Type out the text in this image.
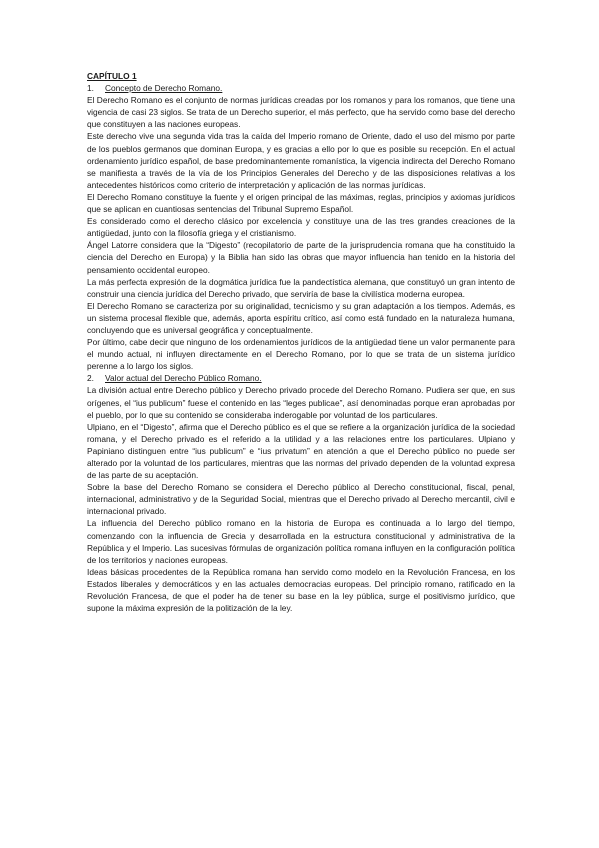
CAPÍTULO 1

1.	Concepto de Derecho Romano.

El Derecho Romano es el conjunto de normas jurídicas creadas por los romanos y para los romanos, que tiene una vigencia de casi 23 siglos. Se trata de un Derecho superior, el más perfecto, que ha servido como base del derecho que constituyen a las naciones europeas.

Este derecho vive una segunda vida tras la caída del Imperio romano de Oriente, dado el uso del mismo por parte de los pueblos germanos que dominan Europa, y es gracias a ello por lo que es posible su recepción. En el actual ordenamiento jurídico español, de base predominantemente romanística, la vigencia indirecta del Derecho Romano se manifiesta a través de la vía de los Principios Generales del Derecho y de las disposiciones relativas a los antecedentes históricos como criterio de interpretación y aplicación de las normas jurídicas.

El Derecho Romano constituye la fuente y el origen principal de las máximas, reglas, principios y axiomas jurídicos que se aplican en cuantiosas sentencias del Tribunal Supremo Español.

Es considerado como el derecho clásico por excelencia y constituye una de las tres grandes creaciones de la antigüedad, junto con la filosofía griega y el cristianismo.

Ángel Latorre considera que la “Digesto” (recopilatorio de parte de la jurisprudencia romana que ha constituido la ciencia del Derecho en Europa) y la Biblia han sido las obras que mayor influencia han tenido en la historia del pensamiento occidental europeo.

La más perfecta expresión de la dogmática jurídica fue la pandectística alemana, que constituyó un gran intento de construir una ciencia jurídica del Derecho privado, que serviría de base la civilística moderna europea.

El Derecho Romano se caracteriza por su originalidad, tecnicismo y su gran adaptación a los tiempos. Además, es un sistema procesal flexible que, además, aporta espíritu crítico, así como está fundado en la naturaleza humana, concluyendo que es universal geográfica y conceptualmente.

Por último, cabe decir que ninguno de los ordenamientos jurídicos de la antigüedad tiene un valor permanente para el mundo actual, ni influyen directamente en el Derecho Romano, por lo que se trata de un sistema jurídico perenne a lo largo los siglos.

2.	Valor actual del Derecho Público Romano.

La división actual entre Derecho público y Derecho privado procede del Derecho Romano. Pudiera ser que, en sus orígenes, el “ius publicum” fuese el contenido en las “leges publicae”, así denominadas porque eran aprobadas por el pueblo, por lo que su contenido se consideraba inderogable por voluntad de los particulares.

Ulpiano, en el “Digesto”, afirma que el Derecho público es el que se refiere a la organización jurídica de la sociedad romana, y el Derecho privado es el referido a la utilidad y a las relaciones entre los particulares. Ulpiano y Papiniano distinguen entre “ius publicum” e “ius privatum” en atención a que el Derecho público no puede ser alterado por la voluntad de los particulares, mientras que las normas del privado dependen de la voluntad expresa de las parte de su aceptación.

Sobre la base del Derecho Romano se considera el Derecho público al Derecho constitucional, fiscal, penal, internacional, administrativo y de la Seguridad Social, mientras que el Derecho privado al Derecho mercantil, civil e internacional privado.

La influencia del Derecho público romano en la historia de Europa es continuada a lo largo del tiempo, comenzando con la influencia de Grecia y desarrollada en la estructura constitucional y administrativa de la República y el Imperio. Las sucesivas fórmulas de organización política romana influyen en la configuración política de los territorios y naciones europeas.

Ideas básicas procedentes de la República romana han servido como modelo en la Revolución Francesa, en los Estados liberales y democráticos y en las actuales democracias europeas. Del principio romano, ratificado en la Revolución Francesa, de que el poder ha de tener su base en la ley pública, surge el positivismo jurídico, que supone la máxima expresión de la politización de la ley.
